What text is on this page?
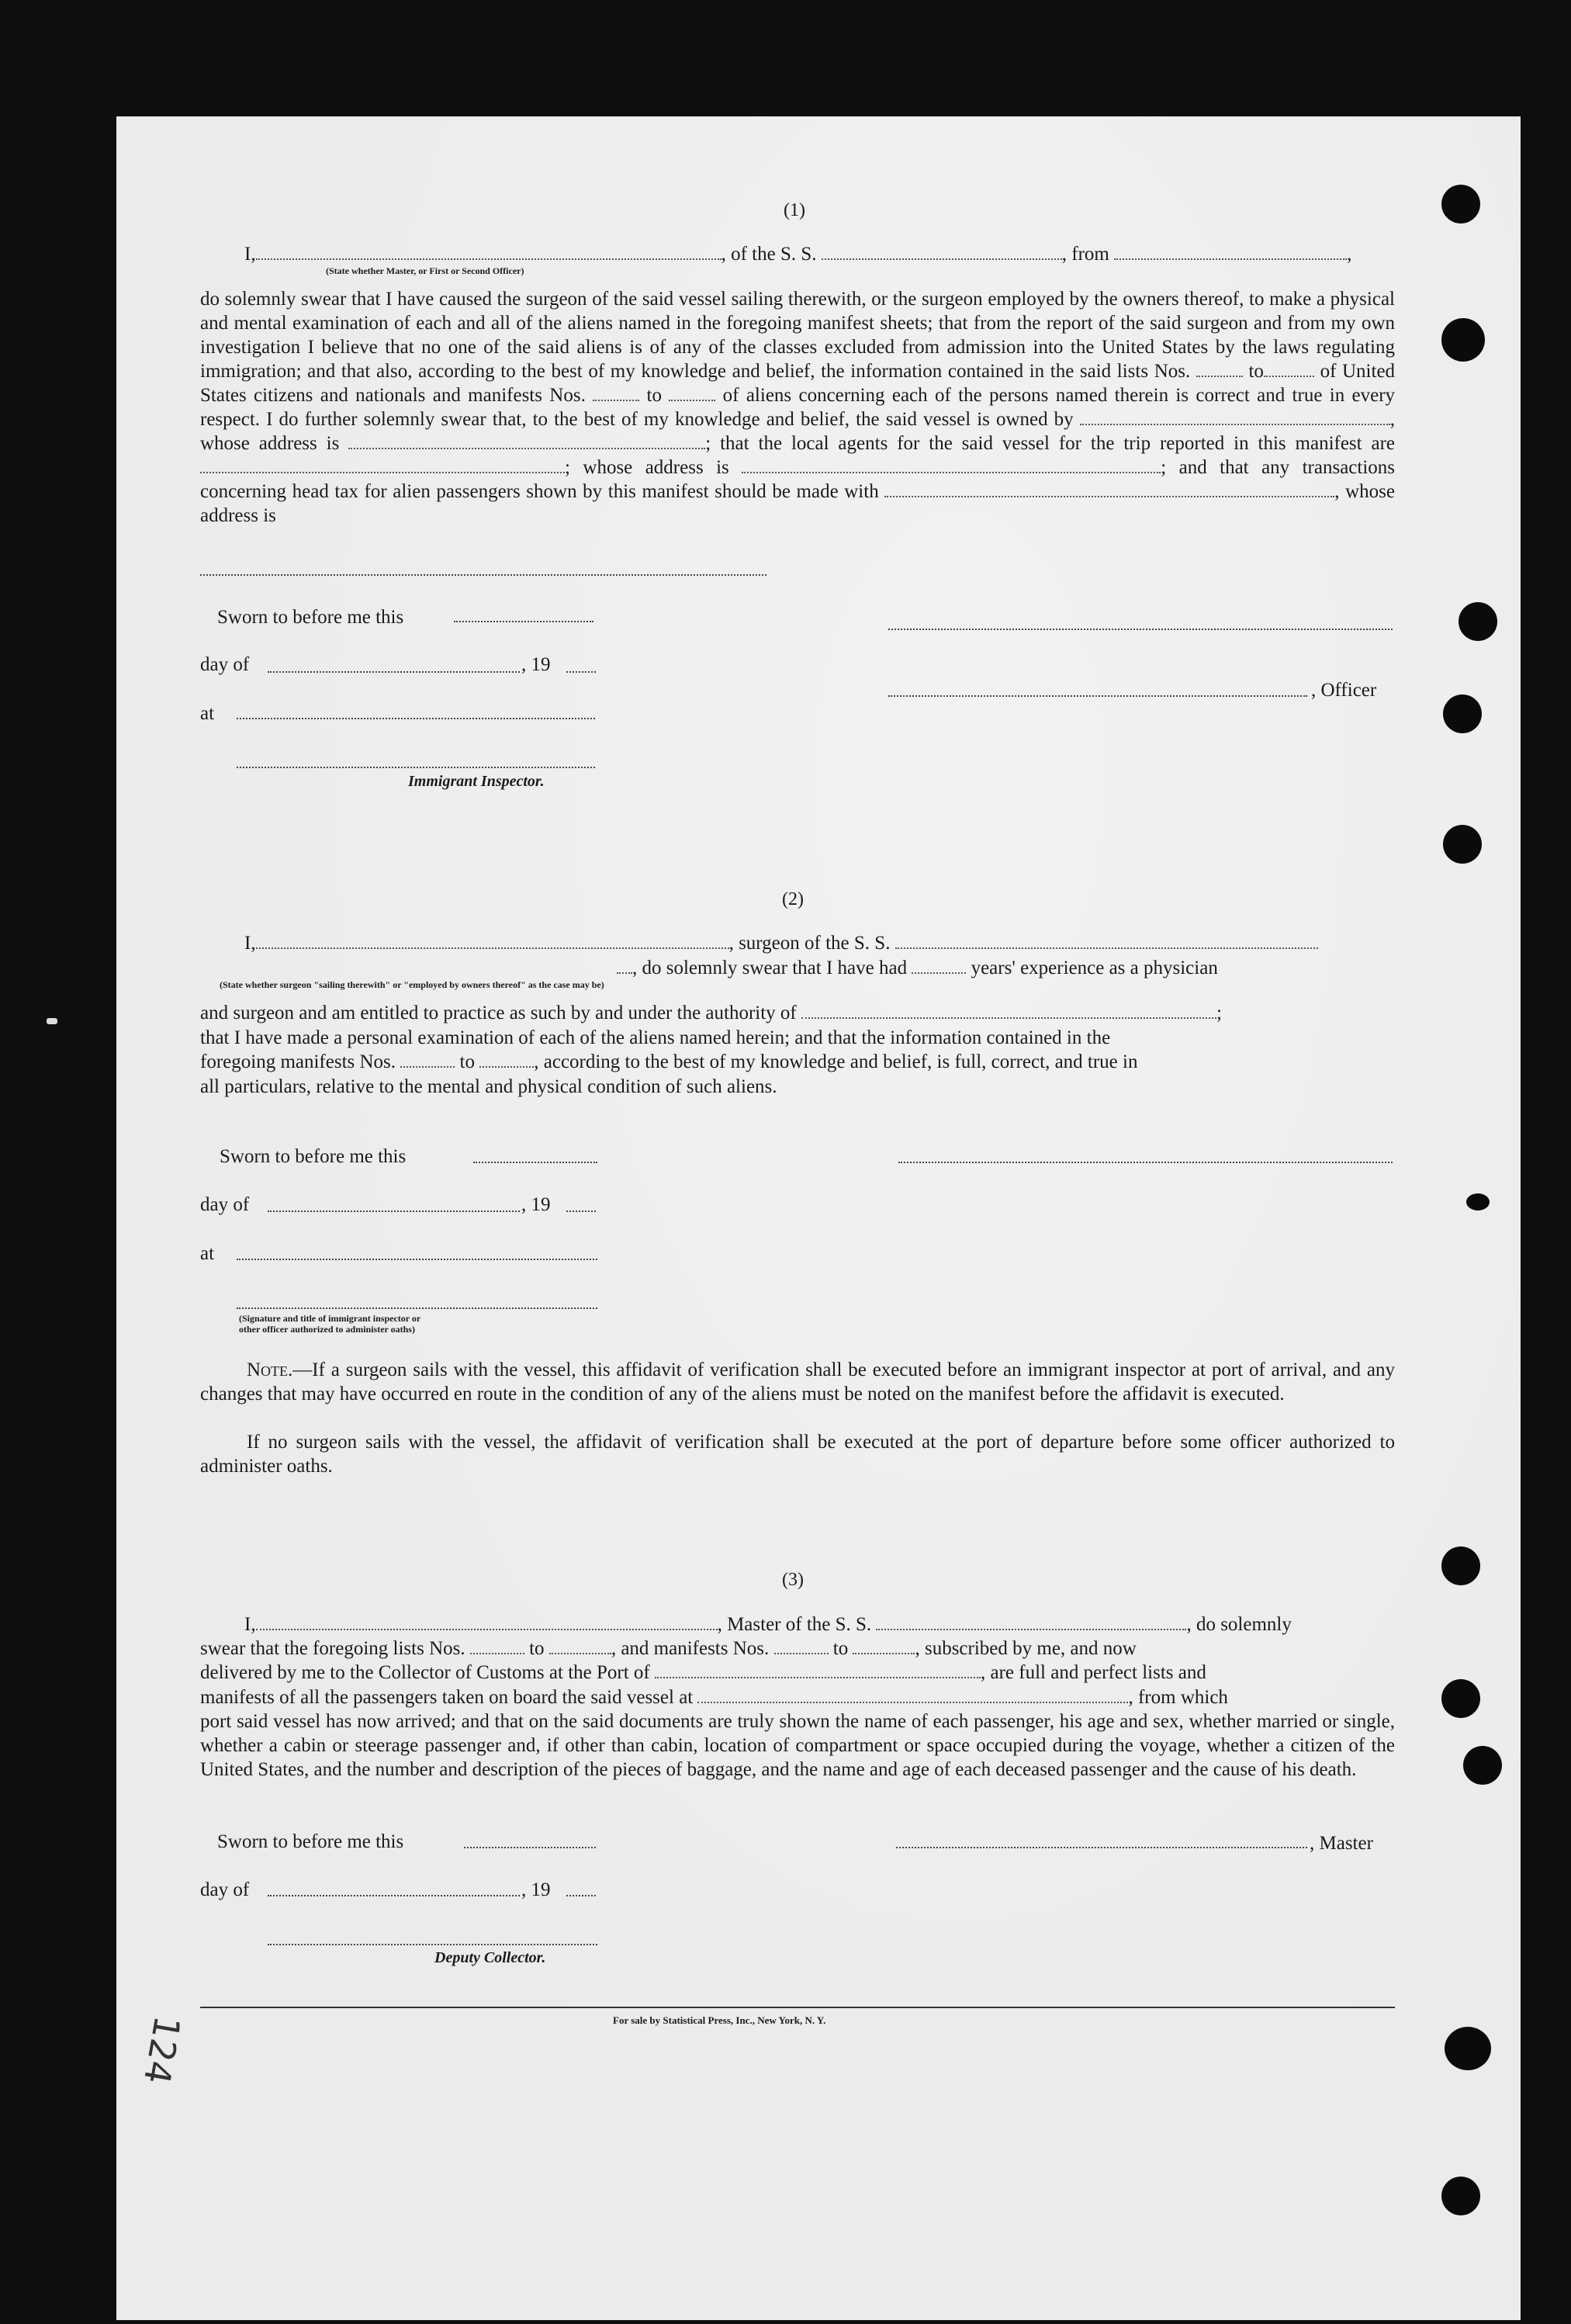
(1)
I,	, of the S. S.	, from	,
(State whether Master, or First or Second Officer)
do solemnly swear that I have caused the surgeon of the said vessel sailing therewith, or the surgeon employed by the owners thereof, to make a physical and mental examination of each and all of the aliens named in the foregoing manifest sheets; that from the report of the said surgeon and from my own investigation I believe that no one of the said aliens is of any of the classes excluded from admission into the United States by the laws regulating immigration; and that also, according to the best of my knowledge and belief, the information contained in the said lists Nos.	to	of United States citizens and nationals and manifests Nos.	to	of aliens concerning each of the persons named therein is correct and true in every respect. I do further solemnly swear that, to the best of my knowledge and belief, the said vessel is owned by	, whose address is	; that the local agents for the said vessel for the trip reported in this manifest are ; whose address is	; and that any transactions concerning head tax for alien passengers shown by this manifest should be made with	, whose address is
Sworn to before me this
day of	, 19
, Officer
at
Immigrant Inspector.
(2)
I,	, surgeon of the S. S.
, do solemnly swear that I have had	years' experience as a physician
(State whether surgeon "sailing therewith" or "employed by owners thereof" as the case may be)
and surgeon and am entitled to practice as such by and under the authority of	;
that I have made a personal examination of each of the aliens named herein; and that the information contained in the
foregoing manifests Nos.	to	, according to the best of my knowledge and belief, is full, correct, and true in
all particulars, relative to the mental and physical condition of such aliens.
Sworn to before me this
day of	, 19
at
(Signature and title of immigrant inspector or
other officer authorized to administer oaths)
Note.—If a surgeon sails with the vessel, this affidavit of verification shall be executed before an immigrant inspector at port of arrival, and any changes that may have occurred en route in the condition of any of the aliens must be noted on the manifest before the affidavit is executed.
If no surgeon sails with the vessel, the affidavit of verification shall be executed at the port of departure before some officer authorized to administer oaths.
(3)
I,	, Master of the S. S.	, do solemnly
swear that the foregoing lists Nos.	to	, and manifests Nos.	to	, subscribed by me, and now
delivered by me to the Collector of Customs at the Port of	, are full and perfect lists and
manifests of all the passengers taken on board the said vessel at	, from which
port said vessel has now arrived; and that on the said documents are truly shown the name of each passenger, his age and sex, whether married or single, whether a cabin or steerage passenger and, if other than cabin, location of compartment or space occupied during the voyage, whether a citizen of the United States, and the number and description of the pieces of baggage, and the name and age of each deceased passenger and the cause of his death.
Sworn to before me this	, Master
day of	, 19
Deputy Collector.
For sale by Statistical Press, Inc., New York, N. Y.
124
